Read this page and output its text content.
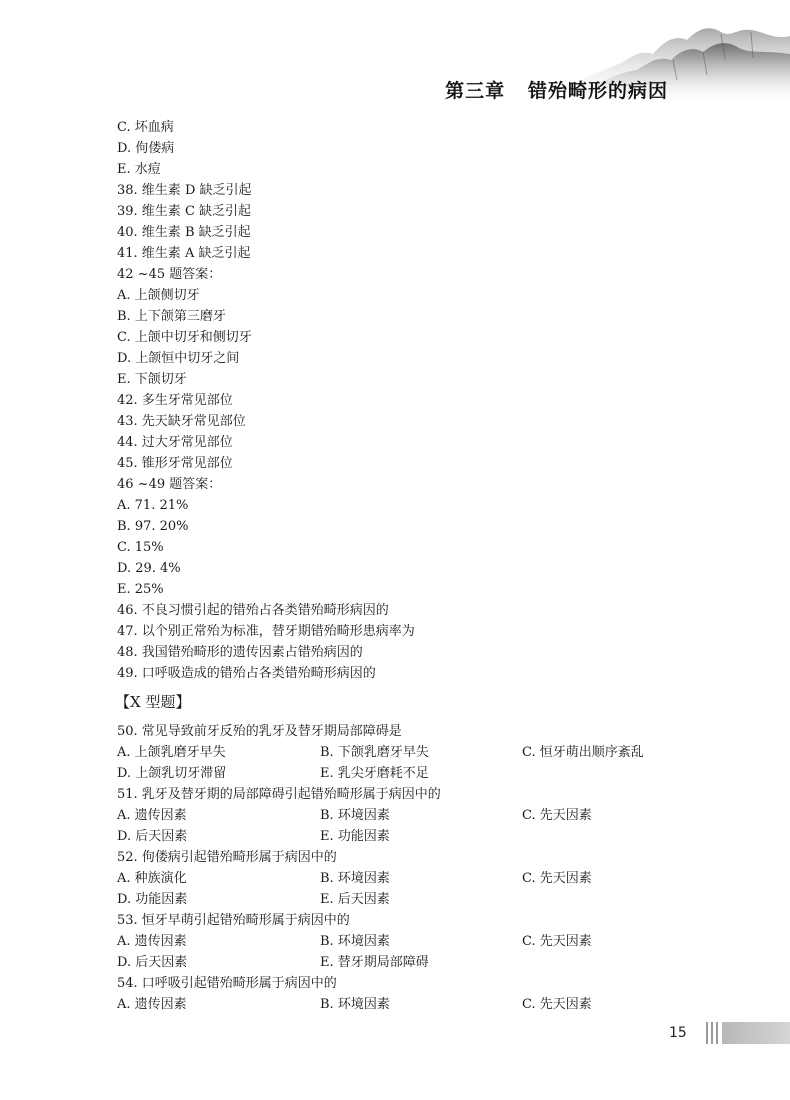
第三章   错殆畸形的病因
C. 坏血病
D. 佝偻病
E. 水痘
38. 维生素 D 缺乏引起
39. 维生素 C 缺乏引起
40. 维生素 B 缺乏引起
41. 维生素 A 缺乏引起
42 ~45 题答案：
A. 上颌侧切牙
B. 上下颌第三磨牙
C. 上颌中切牙和侧切牙
D. 上颌恒中切牙之间
E. 下颌切牙
42. 多生牙常见部位
43. 先天缺牙常见部位
44. 过大牙常见部位
45. 锥形牙常见部位
46 ~49 题答案：
A. 71. 21%
B. 97. 20%
C. 15%
D. 29. 4%
E. 25%
46. 不良习惯引起的错殆占各类错殆畸形病因的
47. 以个别正常殆为标准，替牙期错殆畸形患病率为
48. 我国错殆畸形的遗传因素占错殆病因的
49. 口呼吸造成的错殆占各类错殆畸形病因的
【X 型题】
50. 常见导致前牙反殆的乳牙及替牙期局部障碍是
A. 上颌乳磨牙早失	B. 下颌乳磨牙早失	C. 恒牙萌出顺序紊乱
D. 上颌乳切牙滞留	E. 乳尖牙磨耗不足
51. 乳牙及替牙期的局部障碍引起错殆畸形属于病因中的
A. 遗传因素	B. 环境因素	C. 先天因素
D. 后天因素	E. 功能因素
52. 佝偻病引起错殆畸形属于病因中的
A. 种族演化	B. 环境因素	C. 先天因素
D. 功能因素	E. 后天因素
53. 恒牙早萌引起错殆畸形属于病因中的
A. 遗传因素	B. 环境因素	C. 先天因素
D. 后天因素	E. 替牙期局部障碍
54. 口呼吸引起错殆畸形属于病因中的
A. 遗传因素	B. 环境因素	C. 先天因素
15
